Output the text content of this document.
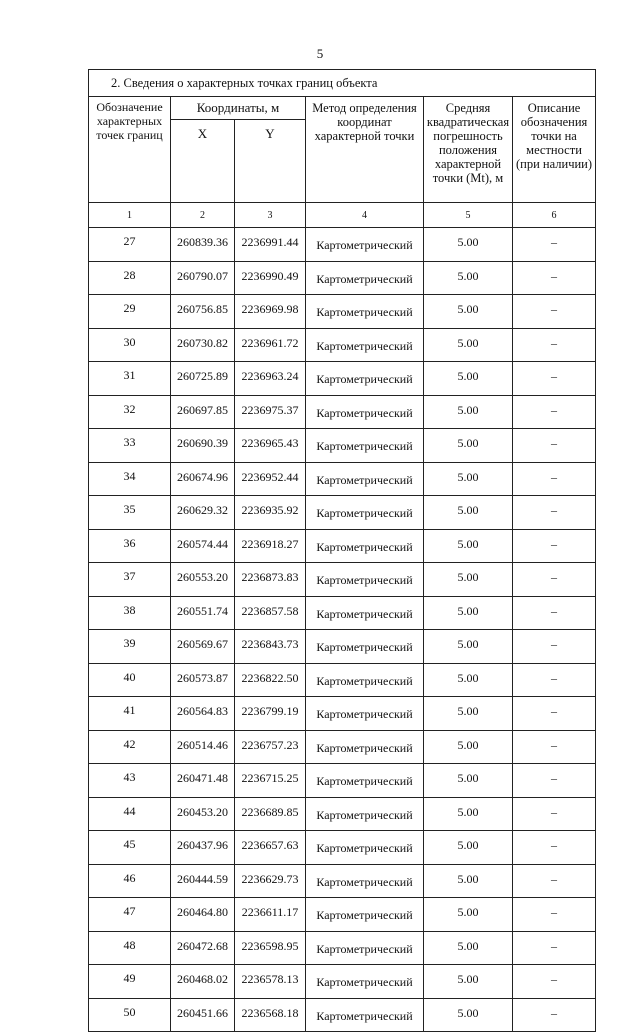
5
2. Сведения о характерных точках границ объекта					
Обозначение характерных точек границ	Координаты, м		Метод определения координат характерной точки	Средняя квадратическая погрешность положения характерной точки (Mt), м	Описание обозначения точки на местности (при наличии)
	X	Y			
1	2	3	4	5	6
27	260839.36	2236991.44	Картометрический	5.00	–
28	260790.07	2236990.49	Картометрический	5.00	–
29	260756.85	2236969.98	Картометрический	5.00	–
30	260730.82	2236961.72	Картометрический	5.00	–
31	260725.89	2236963.24	Картометрический	5.00	–
32	260697.85	2236975.37	Картометрический	5.00	–
33	260690.39	2236965.43	Картометрический	5.00	–
34	260674.96	2236952.44	Картометрический	5.00	–
35	260629.32	2236935.92	Картометрический	5.00	–
36	260574.44	2236918.27	Картометрический	5.00	–
37	260553.20	2236873.83	Картометрический	5.00	–
38	260551.74	2236857.58	Картометрический	5.00	–
39	260569.67	2236843.73	Картометрический	5.00	–
40	260573.87	2236822.50	Картометрический	5.00	–
41	260564.83	2236799.19	Картометрический	5.00	–
42	260514.46	2236757.23	Картометрический	5.00	–
43	260471.48	2236715.25	Картометрический	5.00	–
44	260453.20	2236689.85	Картометрический	5.00	–
45	260437.96	2236657.63	Картометрический	5.00	–
46	260444.59	2236629.73	Картометрический	5.00	–
47	260464.80	2236611.17	Картометрический	5.00	–
48	260472.68	2236598.95	Картометрический	5.00	–
49	260468.02	2236578.13	Картометрический	5.00	–
50	260451.66	2236568.18	Картометрический	5.00	–
